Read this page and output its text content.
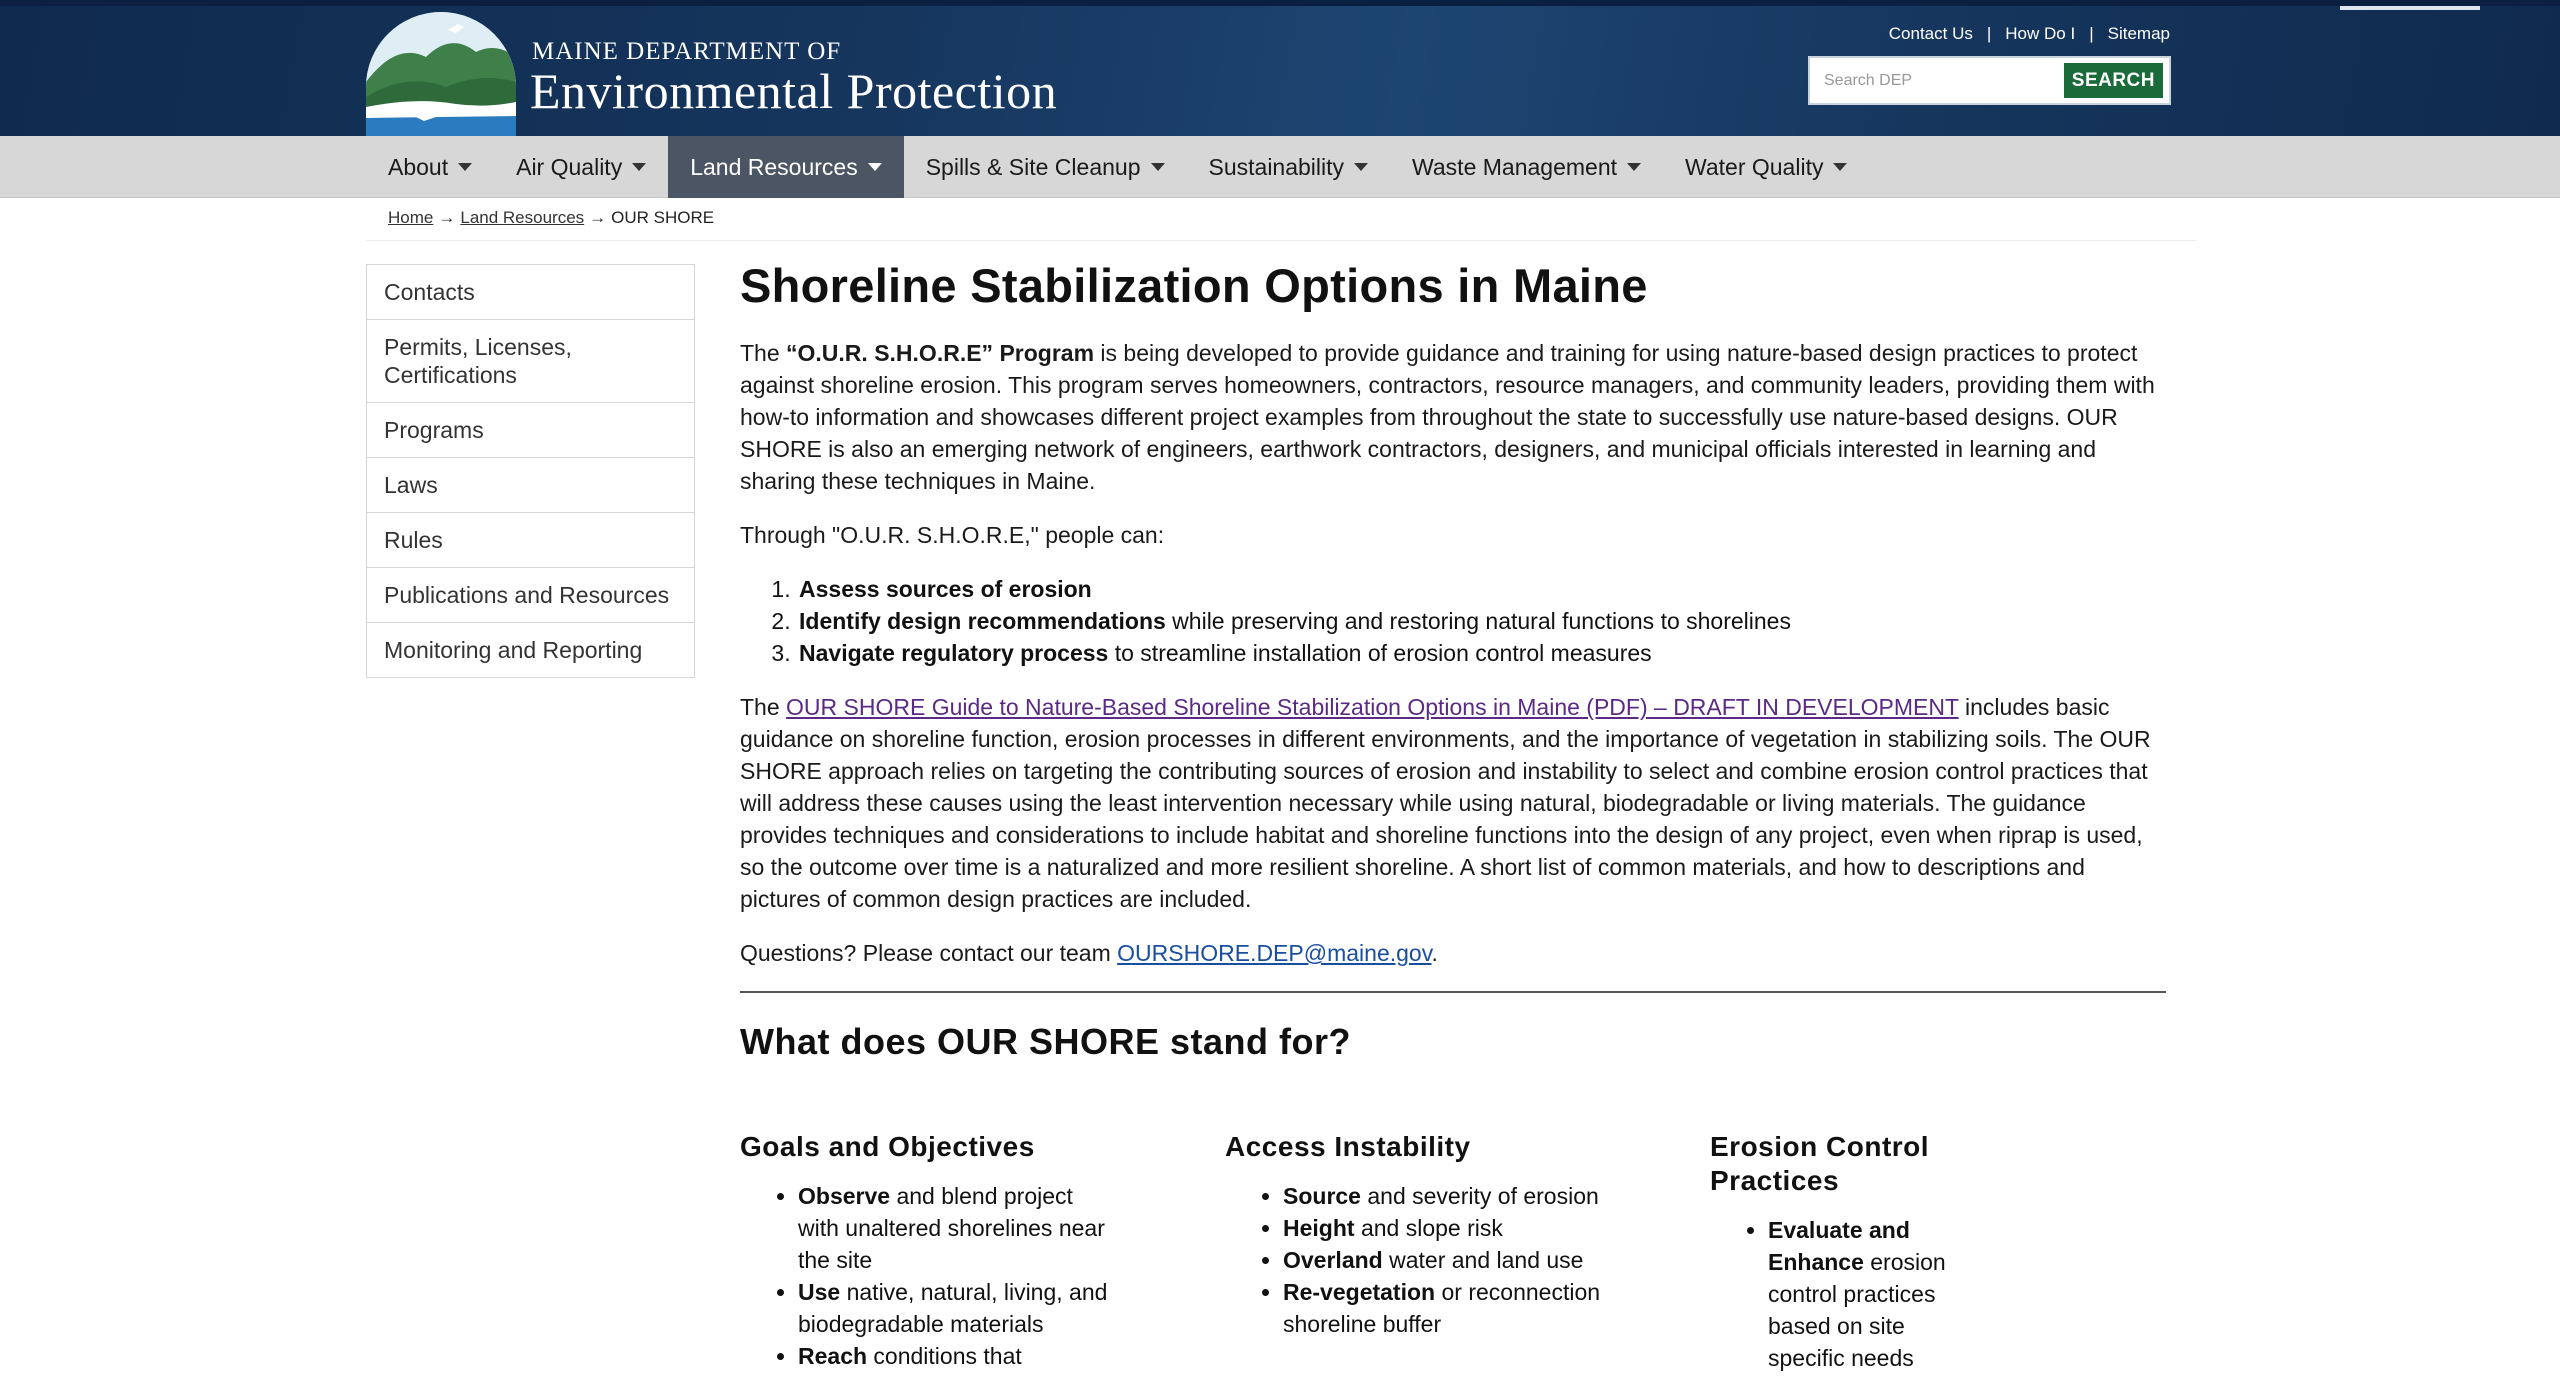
MAINE DEPARTMENT OF
Environmental Protection
Contact Us | How Do I | Sitemap
Search DEP
SEARCH
About	Air Quality	Land Resources	Spills & Site Cleanup	Sustainability	Waste Management	Water Quality
Home → Land Resources → OUR SHORE
Contacts
Permits, Licenses, Certifications
Programs
Laws
Rules
Publications and Resources
Monitoring and Reporting
Shoreline Stabilization Options in Maine

The “O.U.R. S.H.O.R.E” Program is being developed to provide guidance and training for using nature-based design practices to protect against shoreline erosion. This program serves homeowners, contractors, resource managers, and community leaders, providing them with how-to information and showcases different project examples from throughout the state to successfully use nature-based designs. OUR SHORE is also an emerging network of engineers, earthwork contractors, designers, and municipal officials interested in learning and sharing these techniques in Maine.

Through "O.U.R. S.H.O.R.E," people can:

1. Assess sources of erosion
2. Identify design recommendations while preserving and restoring natural functions to shorelines
3. Navigate regulatory process to streamline installation of erosion control measures

The OUR SHORE Guide to Nature-Based Shoreline Stabilization Options in Maine (PDF) – DRAFT IN DEVELOPMENT includes basic guidance on shoreline function, erosion processes in different environments, and the importance of vegetation in stabilizing soils. The OUR SHORE approach relies on targeting the contributing sources of erosion and instability to select and combine erosion control practices that will address these causes using the least intervention necessary while using natural, biodegradable or living materials. The guidance provides techniques and considerations to include habitat and shoreline functions into the design of any project, even when riprap is used, so the outcome over time is a naturalized and more resilient shoreline. A short list of common materials, and how to descriptions and pictures of common design practices are included.

Questions? Please contact our team OURSHORE.DEP@maine.gov.

What does OUR SHORE stand for?
Goals and Objectives
• Observe and blend project with unaltered shorelines near the site
• Use native, natural, living, and biodegradable materials
• Reach conditions that
Access Instability
• Source and severity of erosion
• Height and slope risk
• Overland water and land use
• Re-vegetation or reconnection shoreline buffer
Erosion Control Practices
• Evaluate and Enhance erosion control practices based on site specific needs
